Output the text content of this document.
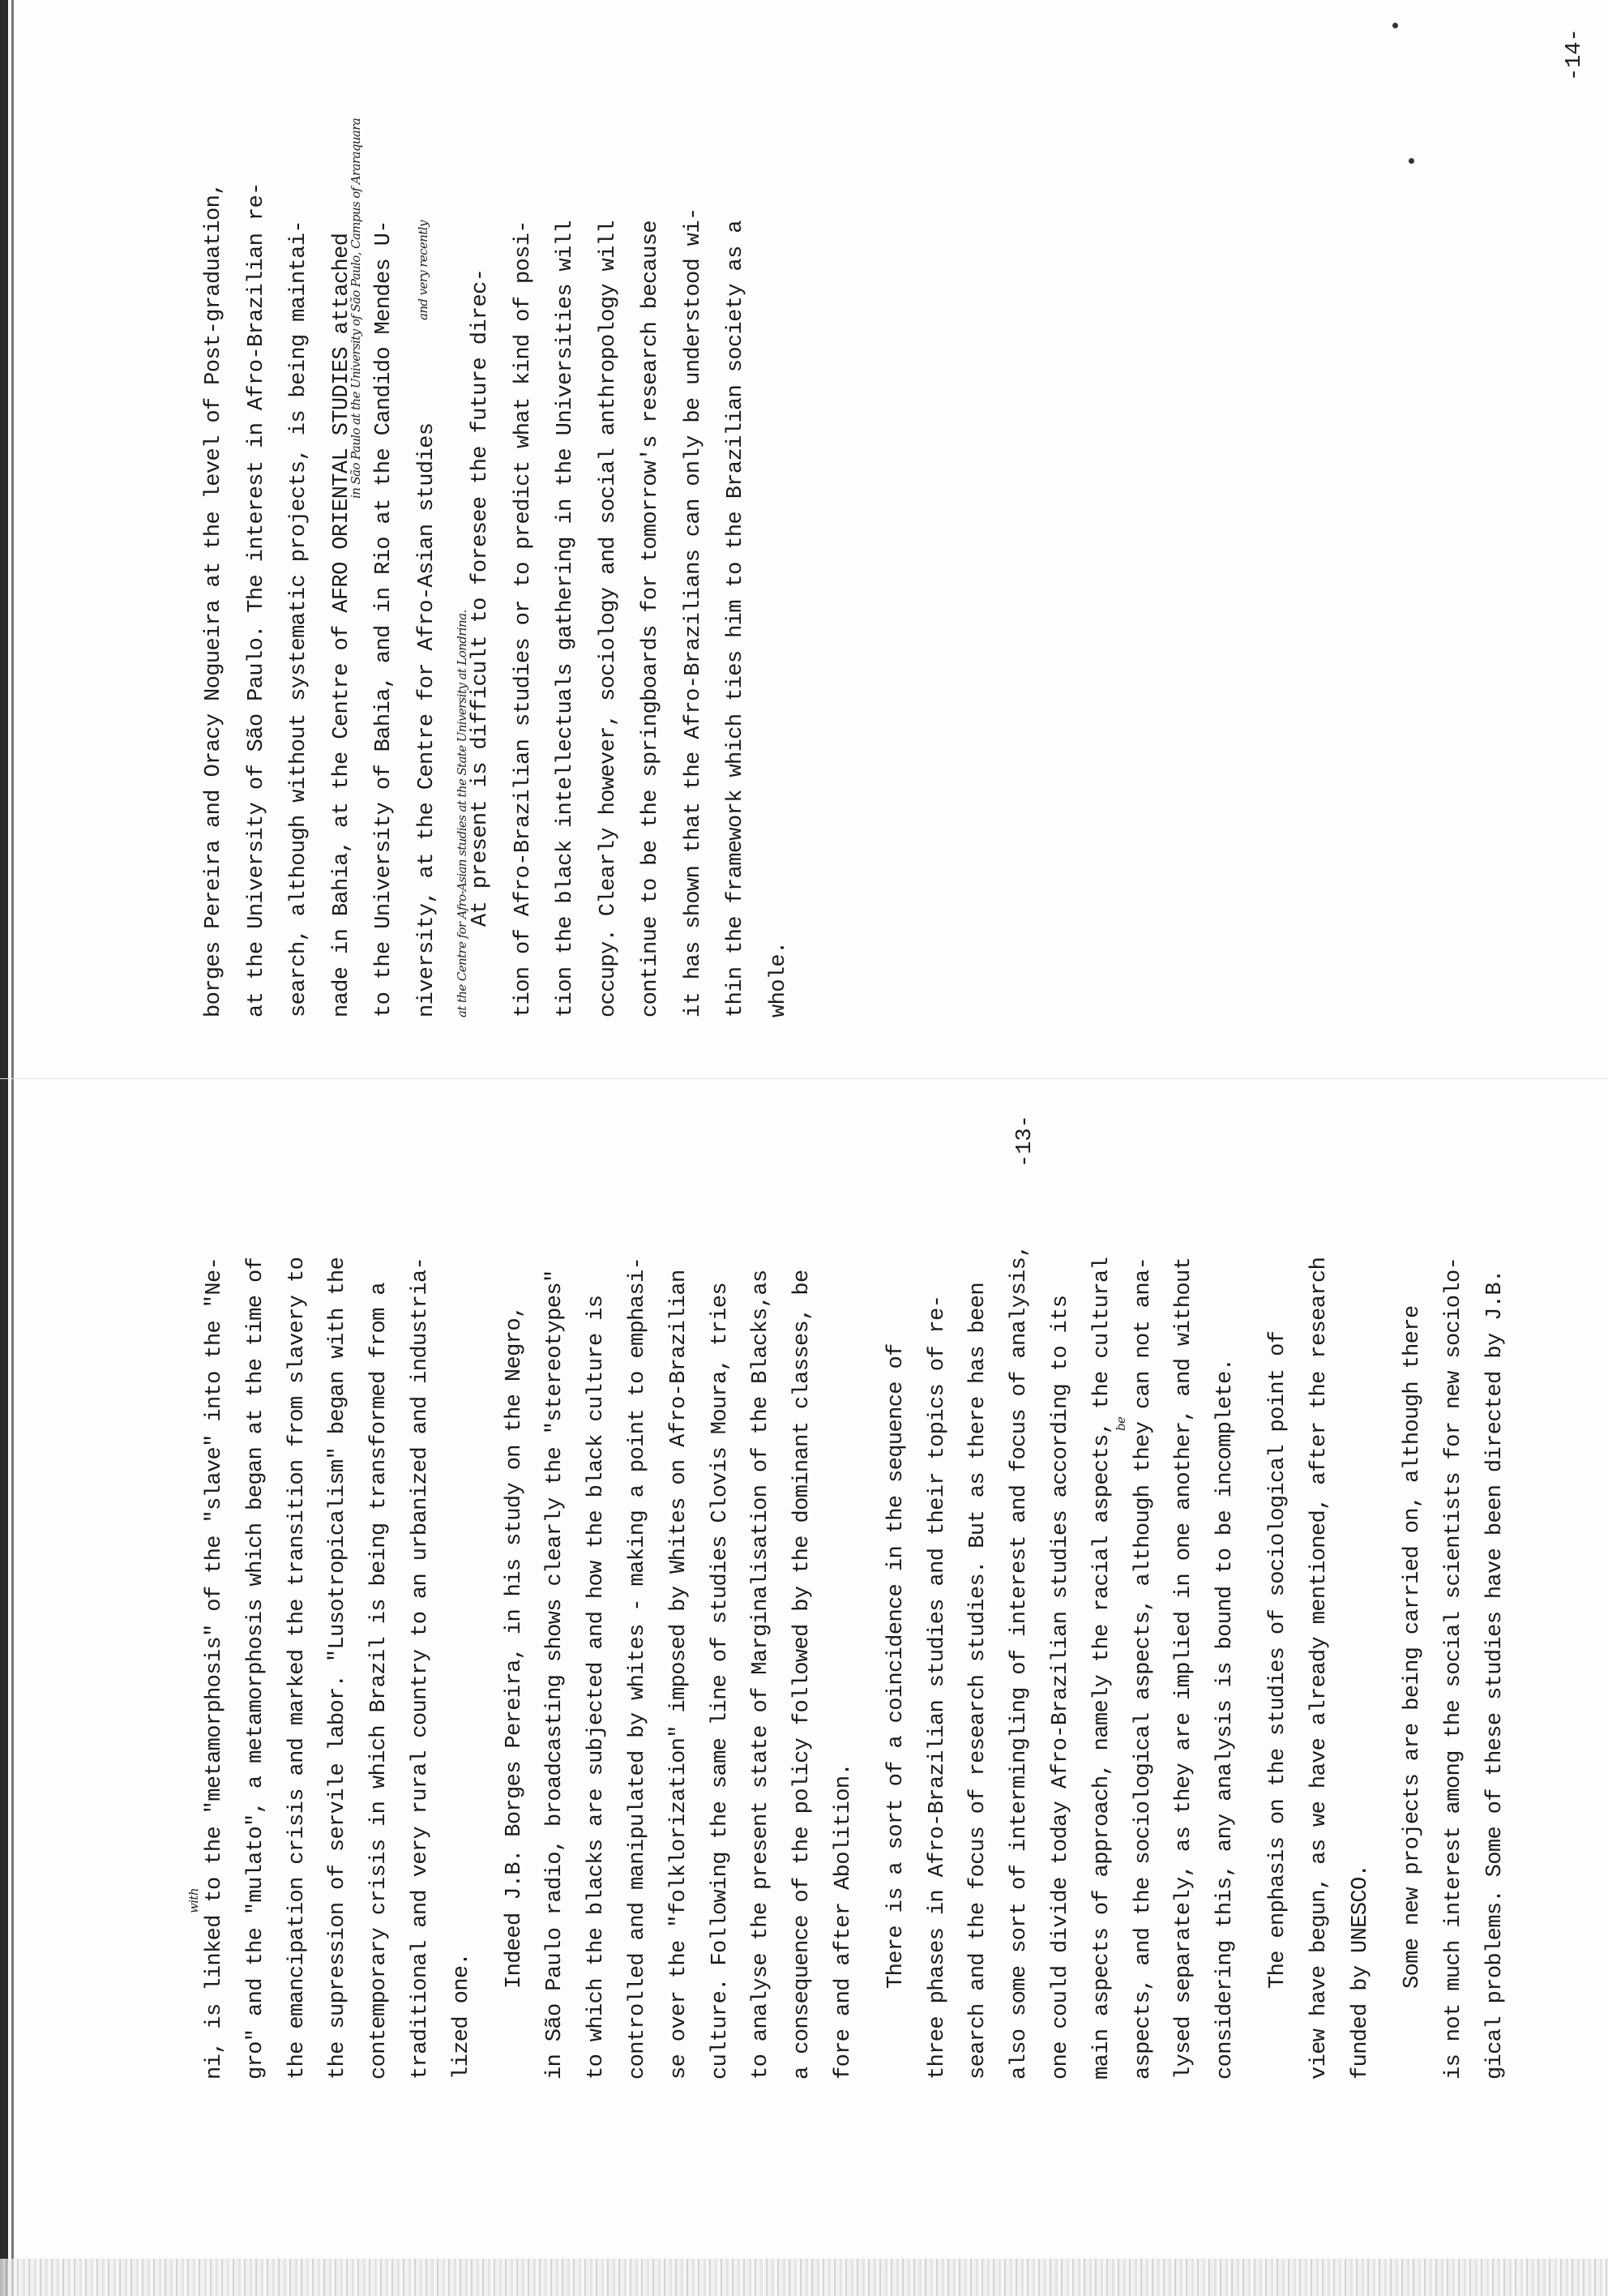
-13-
-14-
ni, is linked to the "metamorphosis" of the "slave" into the "Ne-
with	gro" and the "mulato", a metamorphosis which began at the time of the emancipation crisis and marked the transition from slavery to the supression of servile labor. "Lusotropicalism" began with the contemporary crisis in which Brazil is being transformed from a traditional and very rural country to an urbanized and industria- lized one.
Indeed J.B. Borges Pereira, in his study on the Negro, in São Paulo radio, broadcasting shows clearly the "stereotypes" to which the blacks are subjected and how the black culture is controlled and manipulated by whites - making a point to emphasi- se over the "folklorization" imposed by Whites on Afro-Brazilian culture. Following the same line of studies Clovis Moura, tries to analyse the present state of Marginalisation of the Blacks,as a consequence of the policy followed by the dominant classes, be fore and after Abolition.	There is a sort of a coincidence in the sequence of three phases in Afro-Brazilian studies and their topics of re- search and the focus of research studies. But as there has been also some sort of intermingling of interest and focus of analysis, one could divide today Afro-Brazilian studies according to its main aspects of approach, namely the racial aspects, the cultural aspects, and the sociological aspects, although they can not ana-
be	lysed separately, as they are implied in one another, and without considering this, any analysis is bound to be incomplete.	The enphasis on the studies of sociological point of view have begun, as we have already mentioned, after the research funded by UNESCO.	Some new projects are being carried on, although there is not much interest among the social scientists for new sociolo- gical problems. Some of these studies have been directed by J.B.
borges Pereira and Oracy Nogueira at the level of Post-graduation, at the University of São Paulo. The interest in Afro-Brazilian re- search, although without systematic projects, is being maintai- nade in Bahia, at the Centre of AFRO ORIENTAL STUDIES attached
in São Paulo at the University of São Paulo, Campus of Araraquara to the University of Bahia, and in Rio at the Candido Mendes U- niversity, at the Centre for Afro-Asian studies
and very recently	At present is difficult to foresee the future direc-
at the Centre for Afro-Asian studies at the State University at Londrina.	tion of Afro-Brazilian studies or to predict what kind of posi- tion the black intellectuals gathering in the Universities will occupy. Clearly however, sociology and social anthropology will continue to be the springboards for tomorrow's research because it has shown that the Afro-Brazilians can only be understood wi- thin the framework which ties him to the Brazilian society as a whole.
